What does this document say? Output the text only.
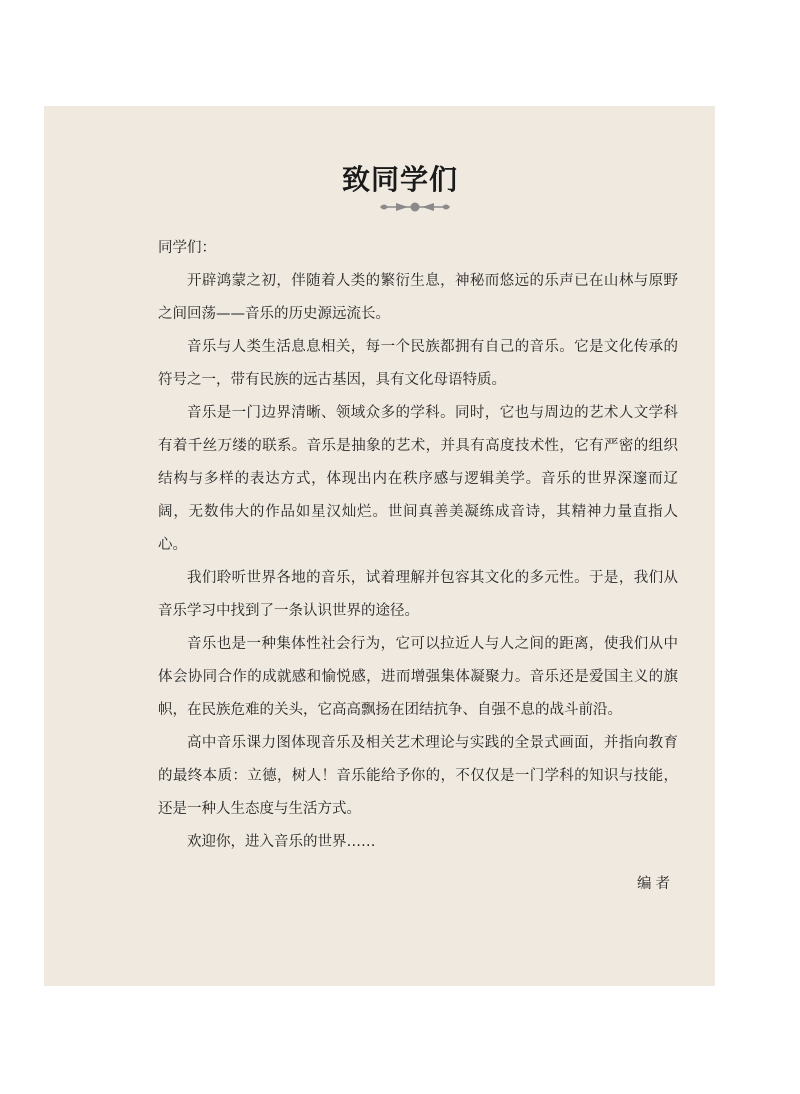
致同学们

同学们：

开辟鸿蒙之初，伴随着人类的繁衍生息，神秘而悠远的乐声已在山林与原野之间回荡——音乐的历史源远流长。

音乐与人类生活息息相关，每一个民族都拥有自己的音乐。它是文化传承的符号之一，带有民族的远古基因，具有文化母语特质。

音乐是一门边界清晰、领域众多的学科。同时，它也与周边的艺术人文学科有着千丝万缕的联系。音乐是抽象的艺术，并具有高度技术性，它有严密的组织结构与多样的表达方式，体现出内在秩序感与逻辑美学。音乐的世界深邃而辽阔，无数伟大的作品如星汉灿烂。世间真善美凝练成音诗，其精神力量直指人心。

我们聆听世界各地的音乐，试着理解并包容其文化的多元性。于是，我们从音乐学习中找到了一条认识世界的途径。

音乐也是一种集体性社会行为，它可以拉近人与人之间的距离，使我们从中体会协同合作的成就感和愉悦感，进而增强集体凝聚力。音乐还是爱国主义的旗帜，在民族危难的关头，它高高飘扬在团结抗争、自强不息的战斗前沿。

高中音乐课力图体现音乐及相关艺术理论与实践的全景式画面，并指向教育的最终本质：立德，树人！音乐能给予你的，不仅仅是一门学科的知识与技能，还是一种人生态度与生活方式。

欢迎你，进入音乐的世界……

编者
